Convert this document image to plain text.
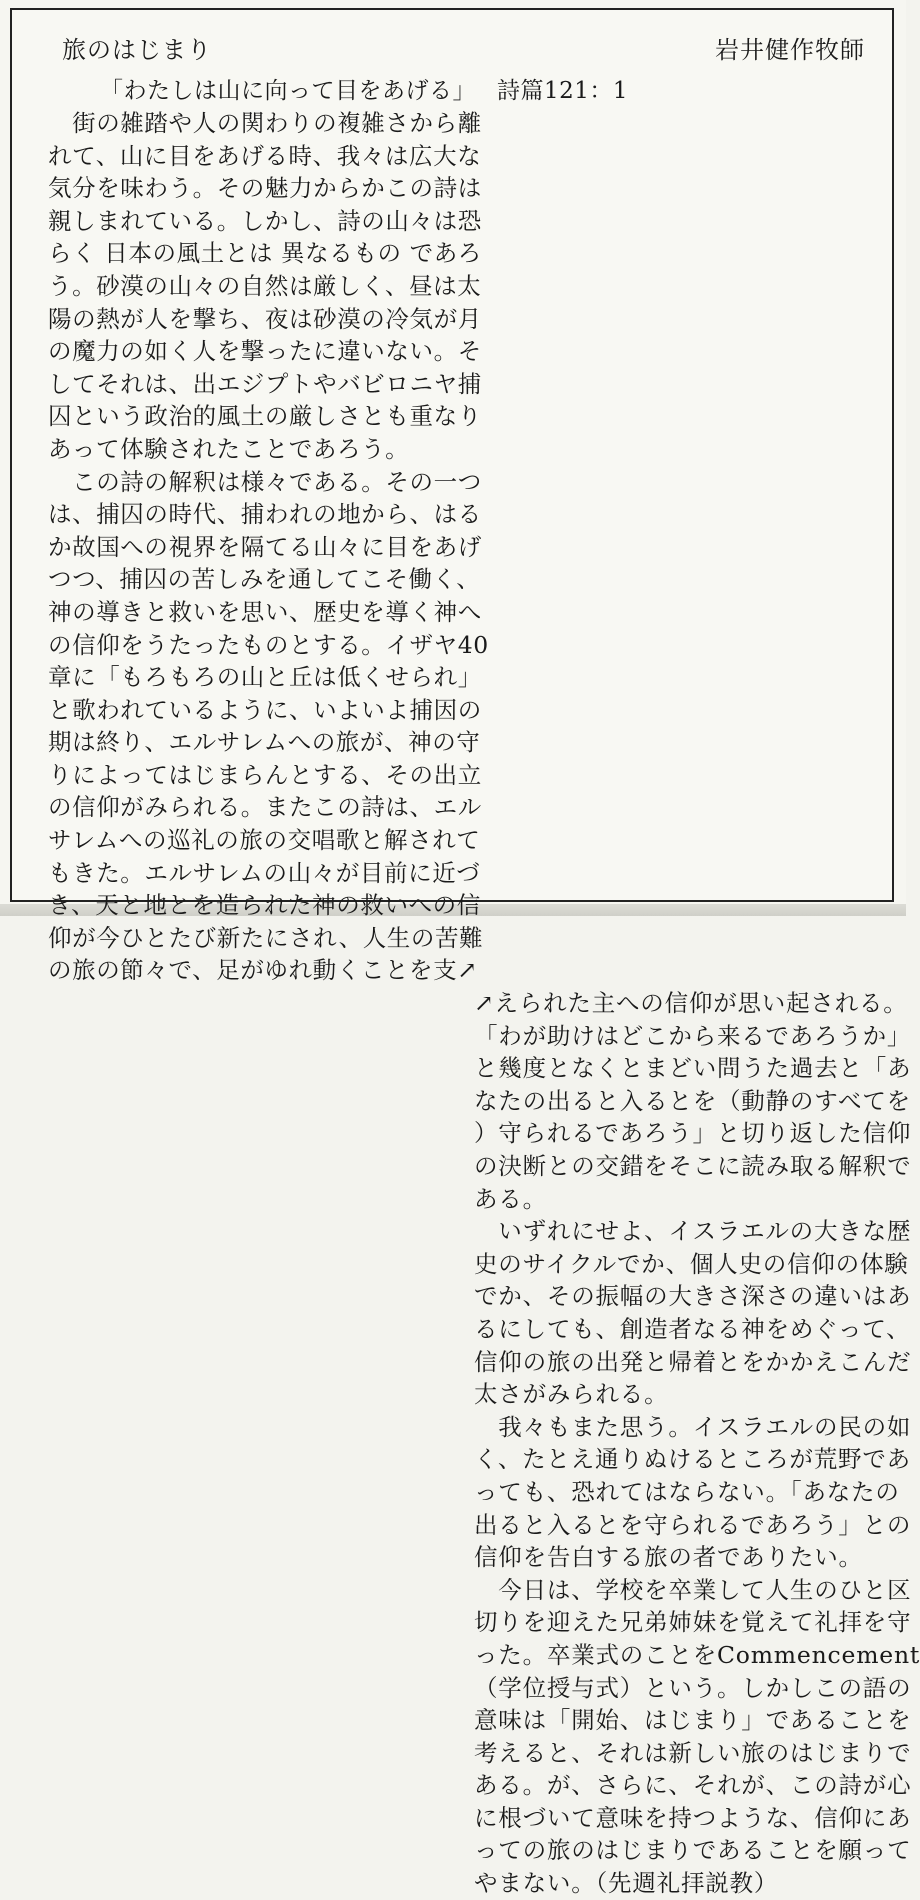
旅のはじまり	岩井健作牧師
「わたしは山に向って目をあげる」 詩篇121：1
　街の雑踏や人の関わりの複雑さから離
れて、山に目をあげる時、我々は広大な
気分を味わう。その魅力からかこの詩は
親しまれている。しかし、詩の山々は恐
らく 日本の風土とは 異なるもの であろ
う。砂漠の山々の自然は厳しく、昼は太
陽の熱が人を撃ち、夜は砂漠の冷気が月
の魔力の如く人を撃ったに違いない。そ
してそれは、出エジプトやバビロニヤ捕
囚という政治的風土の厳しさとも重なり
あって体験されたことであろう。
　この詩の解釈は様々である。その一つ
は、捕囚の時代、捕われの地から、はる
か故国への視界を隔てる山々に目をあげ
つつ、捕囚の苦しみを通してこそ働く、
神の導きと救いを思い、歴史を導く神へ
の信仰をうたったものとする。イザヤ40
章に「もろもろの山と丘は低くせられ」
と歌われているように、いよいよ捕因の
期は終り、エルサレムへの旅が、神の守
りによってはじまらんとする、その出立
の信仰がみられる。またこの詩は、エル
サレムへの巡礼の旅の交唱歌と解されて
もきた。エルサレムの山々が目前に近づ
き、天と地とを造られた神の救いへの信
仰が今ひとたび新たにされ、人生の苦難
の旅の節々で、足がゆれ動くことを支↗
↗えられた主への信仰が思い起される。
「わが助けはどこから来るであろうか」
と幾度となくとまどい問うた過去と「あ
なたの出ると入るとを（動静のすべてを
）守られるであろう」と切り返した信仰
の決断との交錯をそこに読み取る解釈で
ある。
　いずれにせよ、イスラエルの大きな歴
史のサイクルでか、個人史の信仰の体験
でか、その振幅の大きさ深さの違いはあ
るにしても、創造者なる神をめぐって、
信仰の旅の出発と帰着とをかかえこんだ
太さがみられる。
　我々もまた思う。イスラエルの民の如
く、たとえ通りぬけるところが荒野であ
っても、恐れてはならない。「あなたの
出ると入るとを守られるであろう」との
信仰を告白する旅の者でありたい。
　今日は、学校を卒業して人生のひと区
切りを迎えた兄弟姉妹を覚えて礼拝を守
った。卒業式のことをCommencement
（学位授与式）という。しかしこの語の
意味は「開始、はじまり」であることを
考えると、それは新しい旅のはじまりで
ある。が、さらに、それが、この詩が心
に根づいて意味を持つような、信仰にあ
っての旅のはじまりであることを願って
やまない。（先週礼拝説教）
